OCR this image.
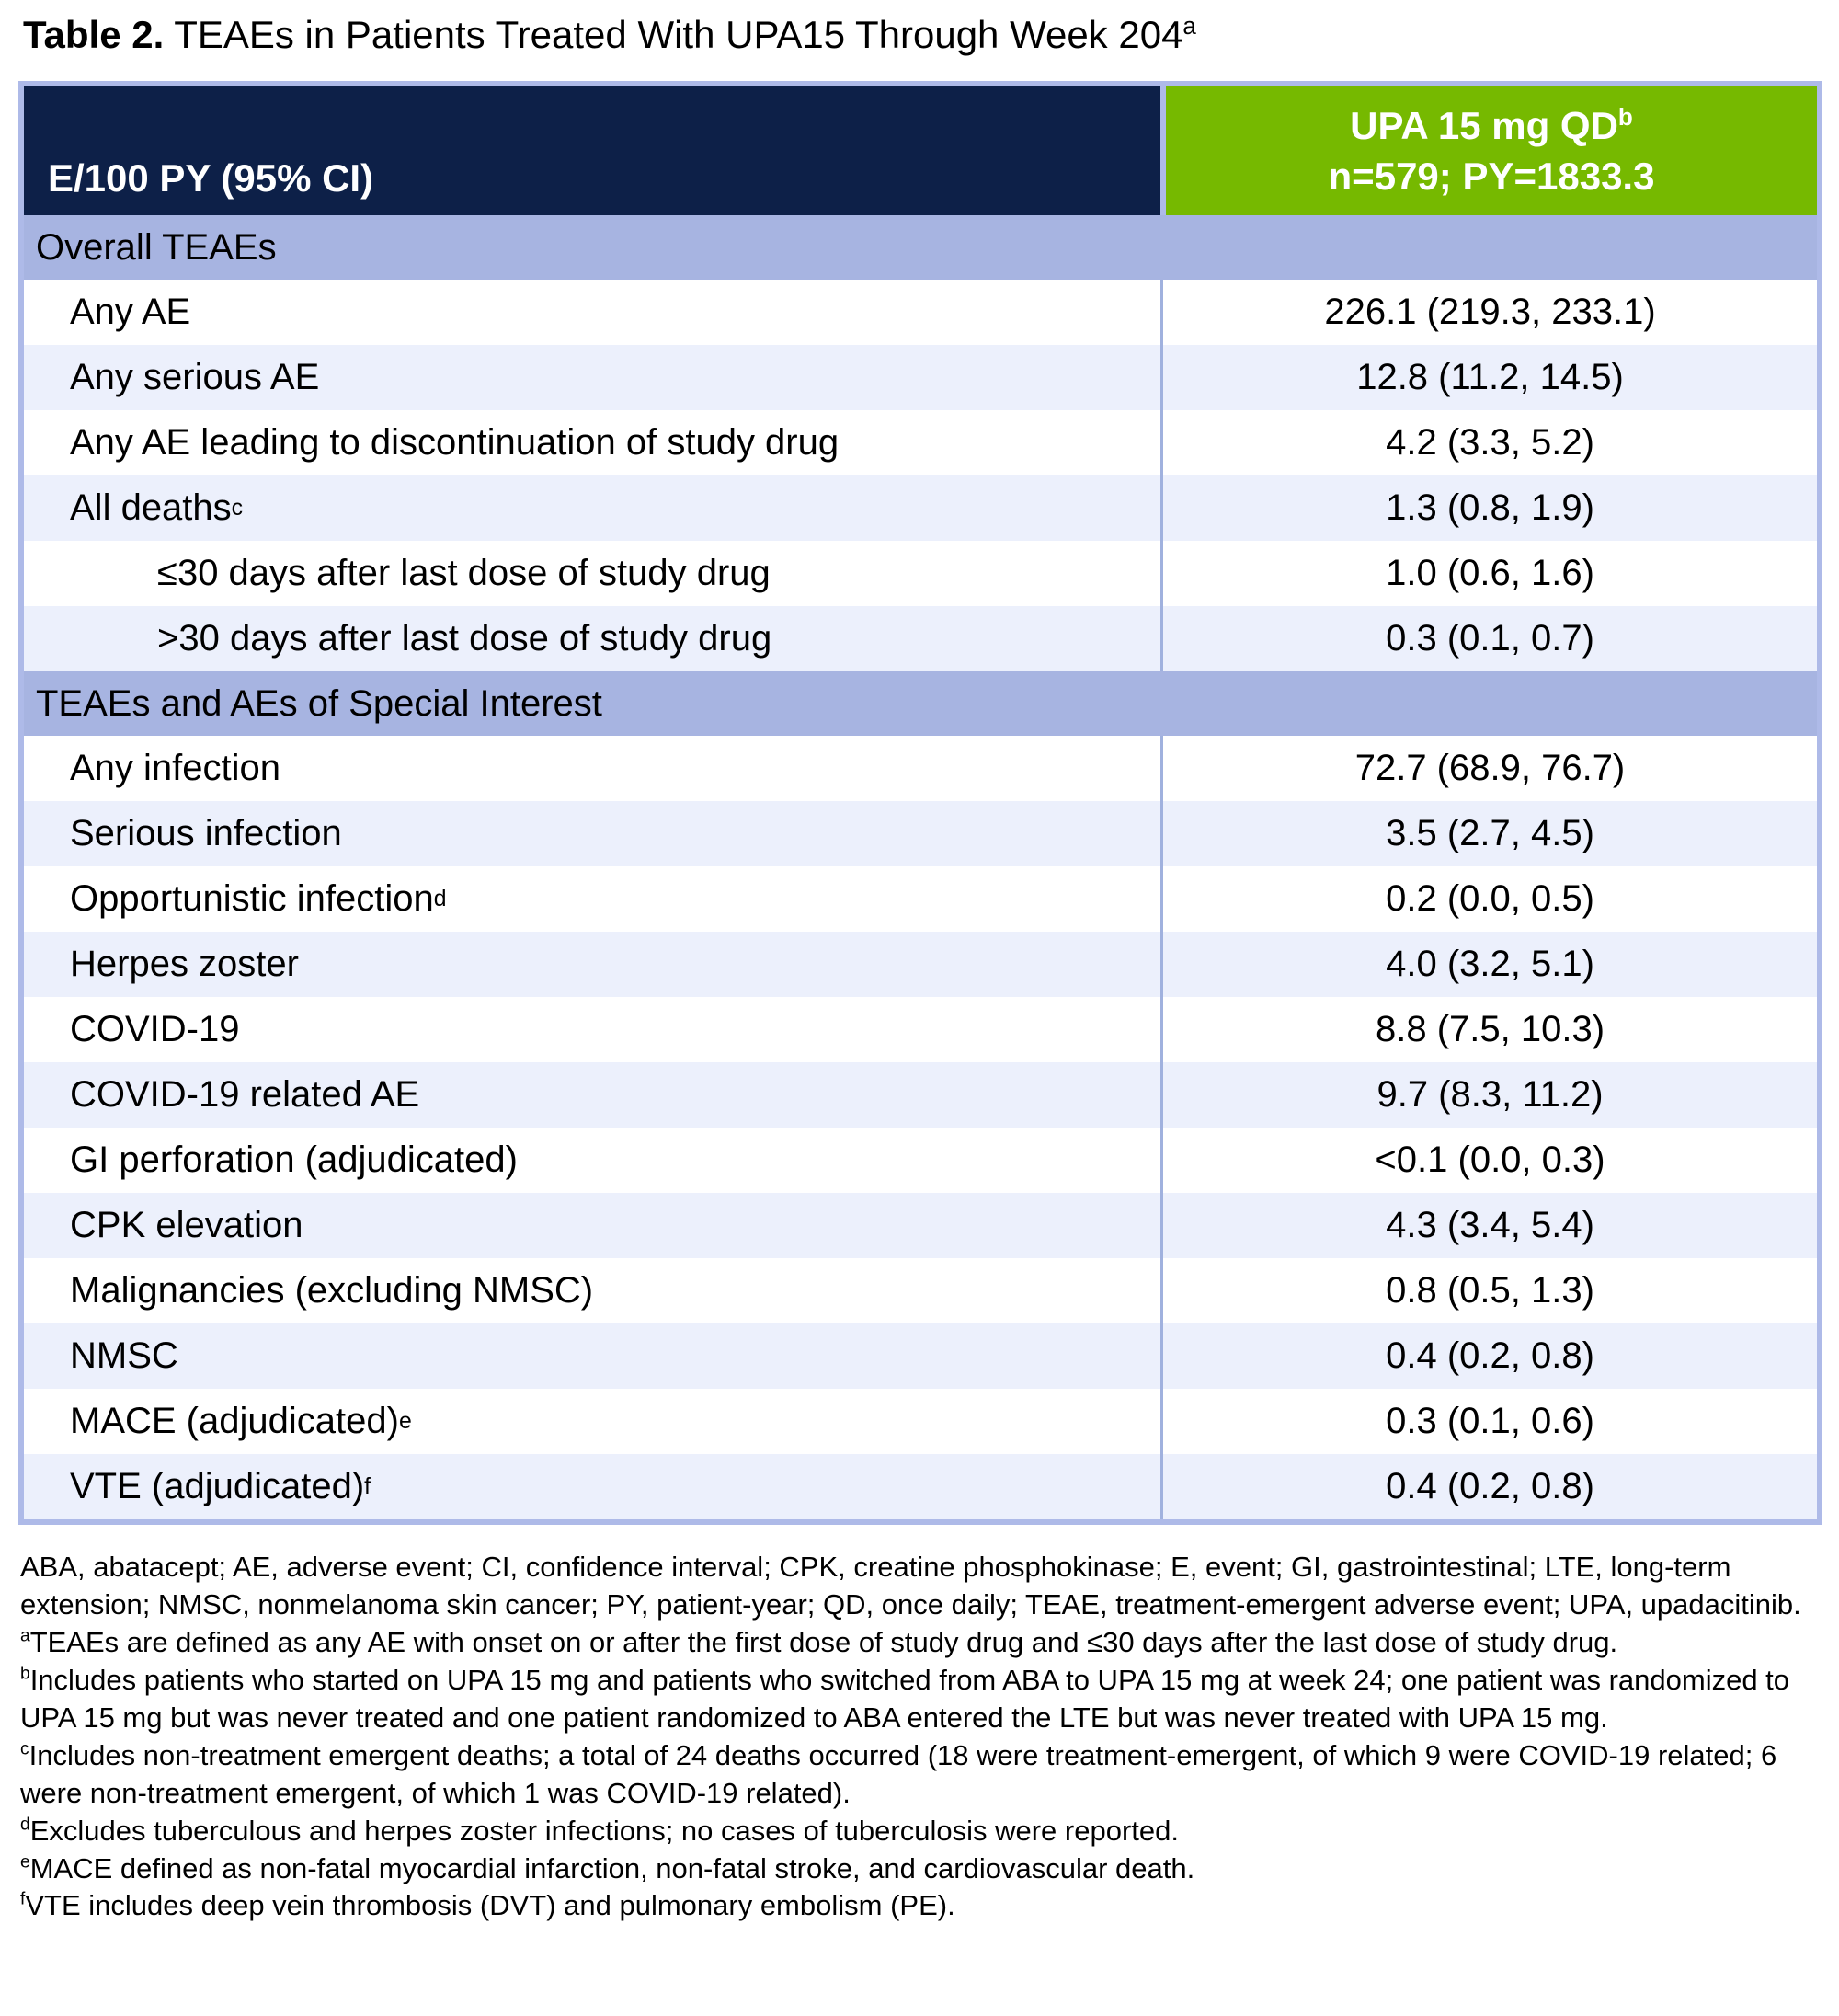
Table 2. TEAEs in Patients Treated With UPA15 Through Week 204$^a$
E/100 PY (95% CI)
UPA 15 mg $QD^b$
n=579; PY=1833.3
Overall TEAEs
Any AE	226.1 (219.3, 233.1)
Any serious AE	12.8 (11.2, 14.5)
Any AE leading to discontinuation of study drug	4.2 (3.3, 5.2)
All deaths c	1.3 (0.8, 1.9)
≤30 days after last dose of study drug	1.0 (0.6, 1.6)
>30 days after last dose of study drug	0.3 (0.1, 0.7)
TEAEs and AEs of Special Interest
Any infection	72.7 (68.9, 76.7)
Serious infection	3.5 (2.7, 4.5)
Opportunistic infection d	0.2 (0.0, 0.5)
Herpes zoster	4.0 (3.2, 5.1)
COVID-19	8.8 (7.5, 10.3)
COVID-19 related AE	9.7 (8.3, 11.2)
GI perforation (adjudicated)	<0.1 (0.0, 0.3)
CPK elevation	4.3 (3.4, 5.4)
Malignancies (excluding NMSC)	0.8 (0.5, 1.3)
NMSC	0.4 (0.2, 0.8)
MACE (adjudicated) e	0.3 (0.1, 0.6)
VTE (adjudicated) f	0.4 (0.2, 0.8)

ABA, abatacept; AE, adverse event; CI, confidence interval; CPK, creatine phosphokinase; E, event; GI, gastrointestinal; LTE, long-term extension; NMSC, nonmelanoma skin cancer; PY, patient-year; QD, once daily; TEAE, treatment-emergent adverse event; UPA, upadacitinib.

$^a$TEAEs are defined as any AE with onset on or after the first dose of study drug and ≤30 days after the last dose of study drug.

$^b$Includes patients who started on UPA 15 mg and patients who switched from ABA to UPA 15 mg at week 24; one patient was randomized to UPA 15 mg but was never treated and one patient randomized to ABA entered the LTE but was never treated with UPA 15 mg.

$^c$Includes non-treatment emergent deaths; a total of 24 deaths occurred (18 were treatment-emergent, of which 9 were COVID-19 related; 6 were non-treatment emergent, of which 1 was COVID-19 related).

$^d$Excludes tuberculous and herpes zoster infections; no cases of tuberculosis were reported.

$^e$MACE defined as non-fatal myocardial infarction, non-fatal stroke, and cardiovascular death.

$^f$VTE includes deep vein thrombosis (DVT) and pulmonary embolism (PE).
